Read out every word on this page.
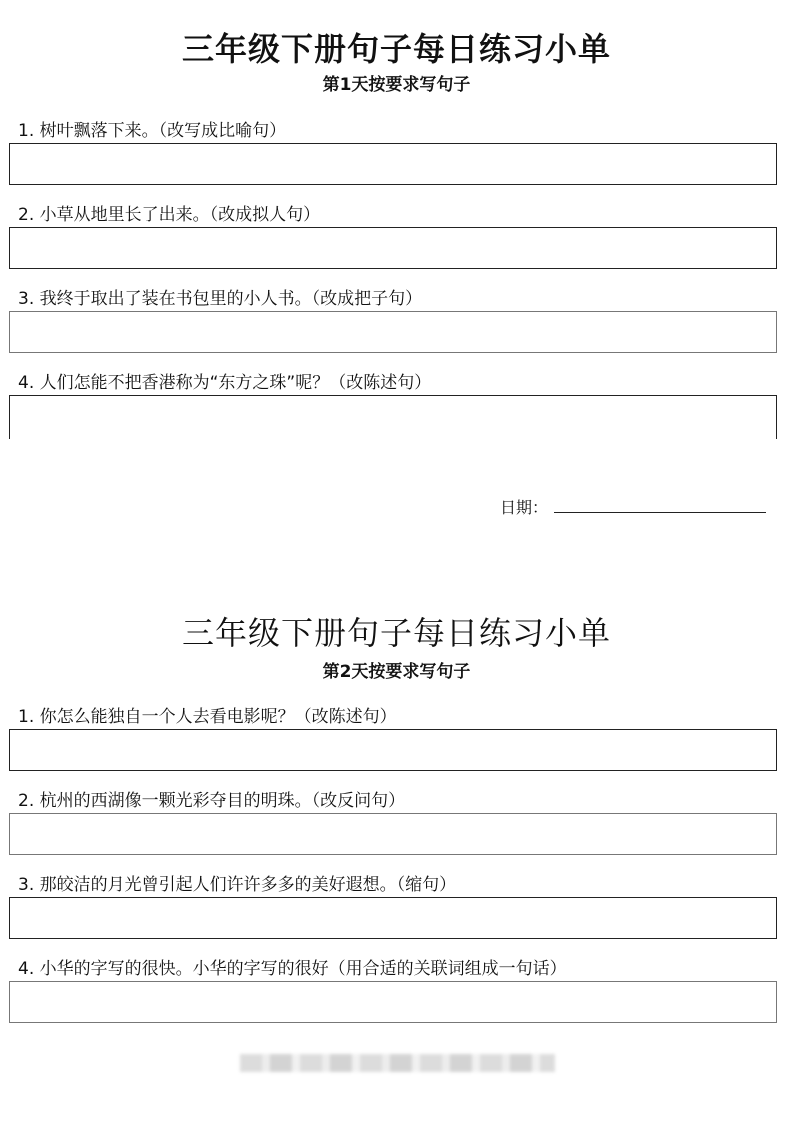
三年级下册句子每日练习小单
第1天按要求写句子

1. 树叶飘落下来。（改写成比喻句）

2. 小草从地里长了出来。（改成拟人句）

3. 我终于取出了装在书包里的小人书。（改成把子句）

4. 人们怎能不把香港称为“东方之珠”呢？（改陈述句）

日期：
三年级下册句子每日练习小单
第2天按要求写句子

1. 你怎么能独自一个人去看电影呢？（改陈述句）

2. 杭州的西湖像一颗光彩夺目的明珠。（改反问句）

3. 那皎洁的月光曾引起人们许许多多的美好遐想。（缩句）

4. 小华的字写的很快。小华的字写的很好（用合适的关联词组成一句话）
